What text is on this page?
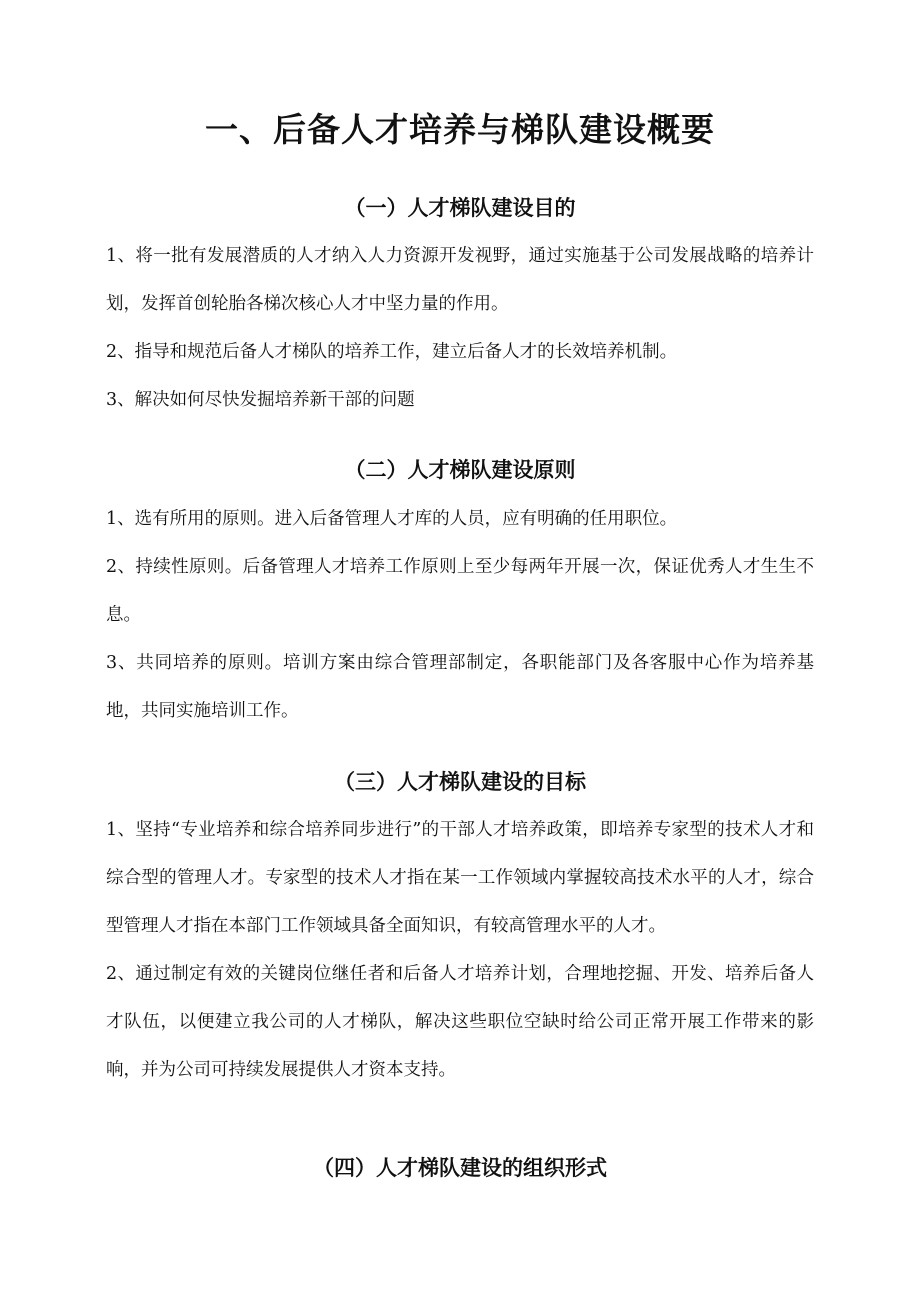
一、后备人才培养与梯队建设概要
（一）人才梯队建设目的

1、将一批有发展潜质的人才纳入人力资源开发视野，通过实施基于公司发展战略的培养计划，发挥首创轮胎各梯次核心人才中坚力量的作用。

2、指导和规范后备人才梯队的培养工作，建立后备人才的长效培养机制。

3、解决如何尽快发掘培养新干部的问题

（二）人才梯队建设原则

1、选有所用的原则。进入后备管理人才库的人员，应有明确的任用职位。

2、持续性原则。后备管理人才培养工作原则上至少每两年开展一次，保证优秀人才生生不息。

3、共同培养的原则。培训方案由综合管理部制定，各职能部门及各客服中心作为培养基地，共同实施培训工作。

（三）人才梯队建设的目标

1、坚持“专业培养和综合培养同步进行”的干部人才培养政策，即培养专家型的技术人才和综合型的管理人才。专家型的技术人才指在某一工作领域内掌握较高技术水平的人才，综合型管理人才指在本部门工作领域具备全面知识，有较高管理水平的人才。

2、通过制定有效的关键岗位继任者和后备人才培养计划，合理地挖掘、开发、培养后备人才队伍，以便建立我公司的人才梯队，解决这些职位空缺时给公司正常开展工作带来的影响，并为公司可持续发展提供人才资本支持。

（四）人才梯队建设的组织形式
